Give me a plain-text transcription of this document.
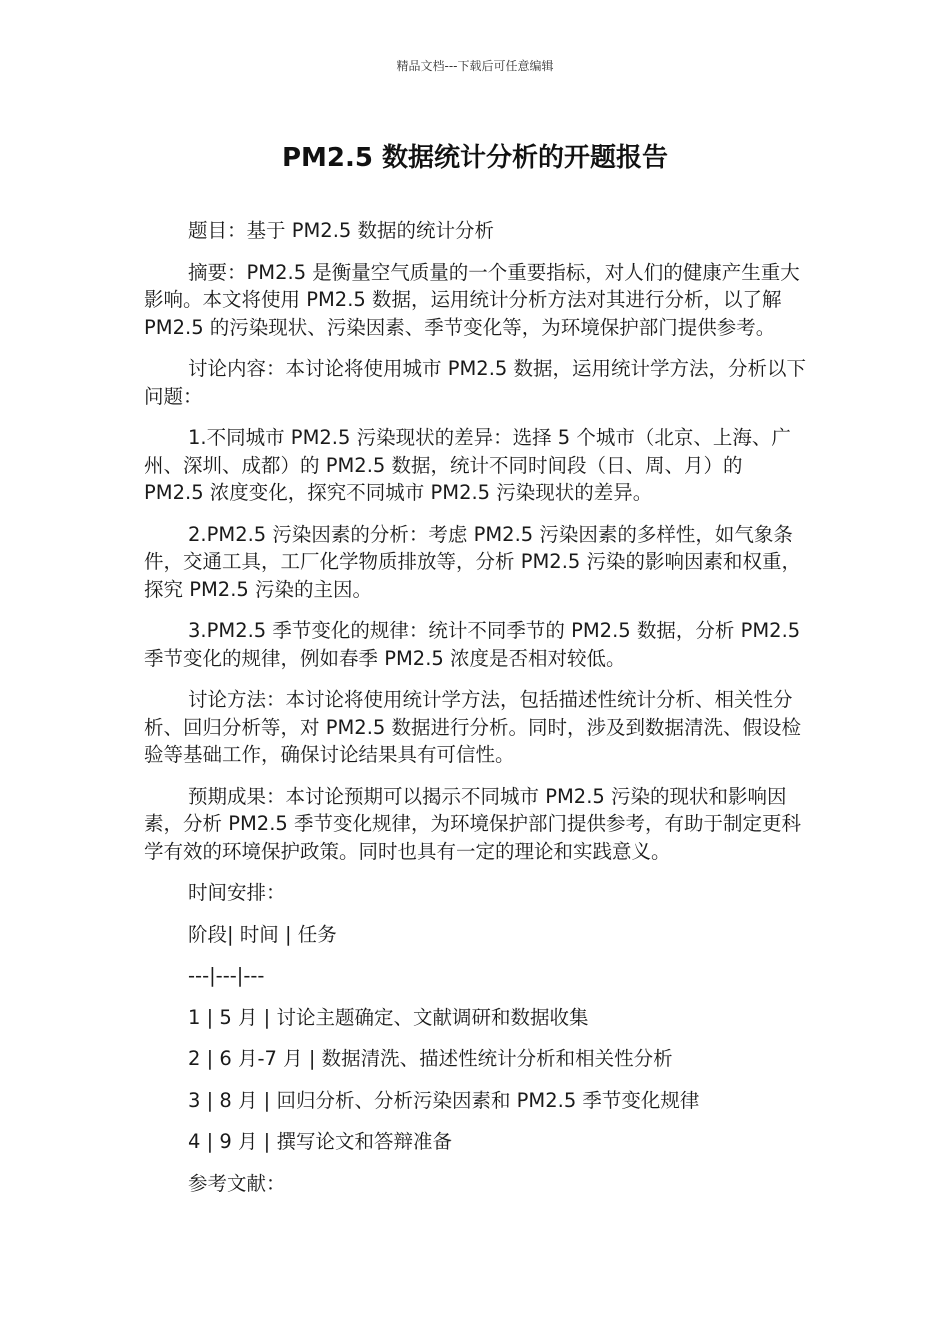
精品文档---下载后可任意编辑
PM2.5 数据统计分析的开题报告

题目：基于 PM2.5 数据的统计分析

摘要：PM2.5 是衡量空气质量的一个重要指标，对人们的健康产生重大影响。本文将使用 PM2.5 数据，运用统计分析方法对其进行分析，以了解 PM2.5 的污染现状、污染因素、季节变化等，为环境保护部门提供参考。

讨论内容：本讨论将使用城市 PM2.5 数据，运用统计学方法，分析以下问题：

1.不同城市 PM2.5 污染现状的差异：选择 5 个城市（北京、上海、广州、深圳、成都）的 PM2.5 数据，统计不同时间段（日、周、月）的 PM2.5 浓度变化，探究不同城市 PM2.5 污染现状的差异。

2.PM2.5 污染因素的分析：考虑 PM2.5 污染因素的多样性，如气象条件，交通工具，工厂化学物质排放等，分析 PM2.5 污染的影响因素和权重，探究 PM2.5 污染的主因。

3.PM2.5 季节变化的规律：统计不同季节的 PM2.5 数据，分析 PM2.5 季节变化的规律，例如春季 PM2.5 浓度是否相对较低。

讨论方法：本讨论将使用统计学方法，包括描述性统计分析、相关性分析、回归分析等，对 PM2.5 数据进行分析。同时，涉及到数据清洗、假设检验等基础工作，确保讨论结果具有可信性。

预期成果：本讨论预期可以揭示不同城市 PM2.5 污染的现状和影响因素，分析 PM2.5 季节变化规律，为环境保护部门提供参考，有助于制定更科学有效的环境保护政策。同时也具有一定的理论和实践意义。

时间安排：

阶段| 时间 | 任务

---|---|---

1 | 5 月 | 讨论主题确定、文献调研和数据收集

2 | 6 月-7 月 | 数据清洗、描述性统计分析和相关性分析

3 | 8 月 | 回归分析、分析污染因素和 PM2.5 季节变化规律

4 | 9 月 | 撰写论文和答辩准备

参考文献：
